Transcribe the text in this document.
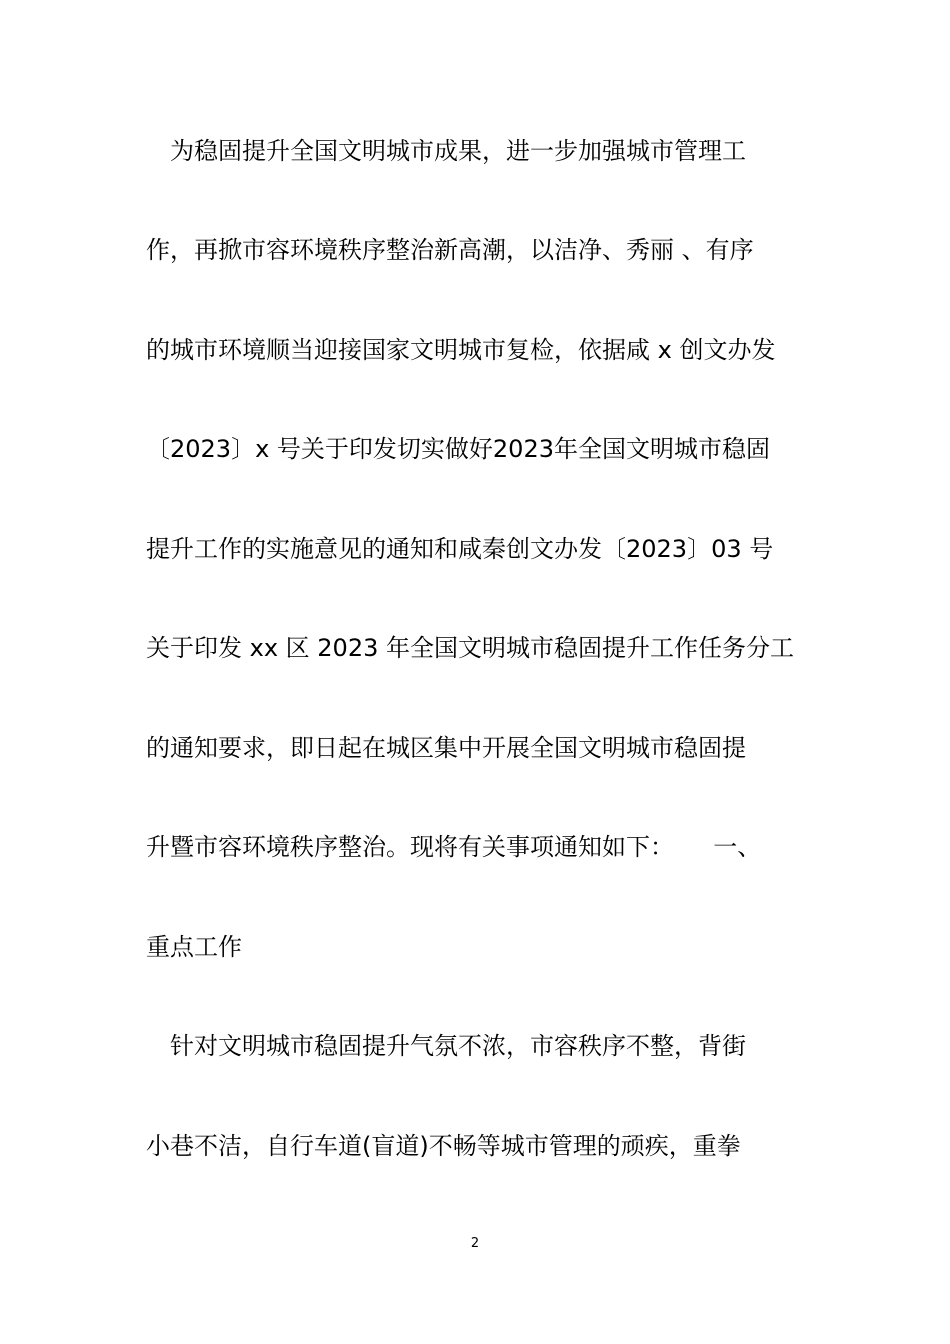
　为稳固提升全国文明城市成果，进一步加强城市管理工
作，再掀市容环境秩序整治新高潮，以洁净、秀丽 、有序
的城市环境顺当迎接国家文明城市复检，依据咸 x 创文办发
〔2023〕x 号关于印发切实做好2023年全国文明城市稳固
提升工作的实施意见的通知和咸秦创文办发〔2023〕03 号
关于印发 xx 区 2023 年全国文明城市稳固提升工作任务分工
的通知要求，即日起在城区集中开展全国文明城市稳固提
升暨市容环境秩序整治。现将有关事项通知如下： 　 一、
重点工作
　针对文明城市稳固提升气氛不浓，市容秩序不整，背街
小巷不洁，自行车道(盲道)不畅等城市管理的顽疾，重拳
2
